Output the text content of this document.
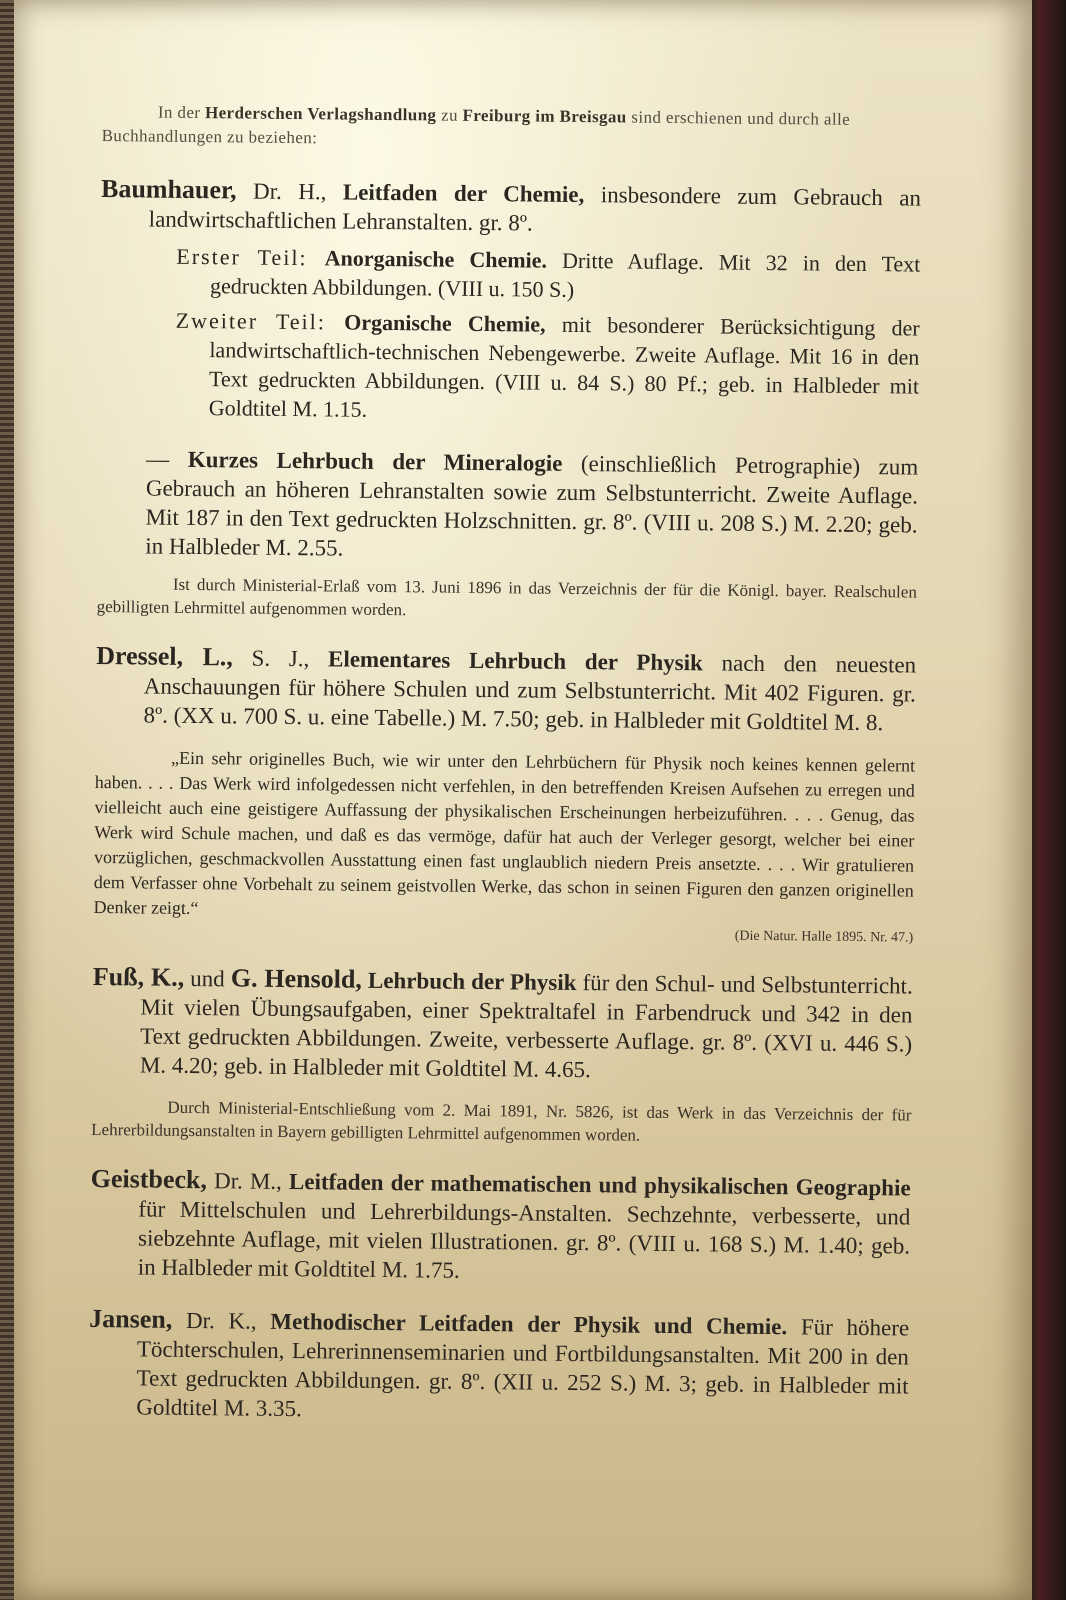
In der Herderschen Verlagshandlung zu Freiburg im Breisgau sind erschienen und durch alle Buchhandlungen zu beziehen:

Baumhauer, Dr. H., Leitfaden der Chemie, insbesondere zum Gebrauch an landwirtschaftlichen Lehranstalten. gr. 8º.

Erster Teil: Anorganische Chemie. Dritte Auflage. Mit 32 in den Text gedruckten Abbildungen. (VIII u. 150 S.)

Zweiter Teil: Organische Chemie, mit besonderer Berücksichtigung der landwirtschaftlich-technischen Nebengewerbe. Zweite Auflage. Mit 16 in den Text gedruckten Abbildungen. (VIII u. 84 S.) 80 Pf.; geb. in Halbleder mit Goldtitel M. 1.15.

— Kurzes Lehrbuch der Mineralogie (einschließlich Petrographie) zum Gebrauch an höheren Lehranstalten sowie zum Selbstunterricht. Zweite Auflage. Mit 187 in den Text gedruckten Holzschnitten. gr. 8º. (VIII u. 208 S.) M. 2.20; geb. in Halbleder M. 2.55.

Ist durch Ministerial-Erlaß vom 13. Juni 1896 in das Verzeichnis der für die Königl. bayer. Realschulen gebilligten Lehrmittel aufgenommen worden.

Dressel, L., S. J., Elementares Lehrbuch der Physik nach den neuesten Anschauungen für höhere Schulen und zum Selbstunterricht. Mit 402 Figuren. gr. 8º. (XX u. 700 S. u. eine Tabelle.) M. 7.50; geb. in Halbleder mit Goldtitel M. 8.

„Ein sehr originelles Buch, wie wir unter den Lehrbüchern für Physik noch keines kennen gelernt haben. . . . Das Werk wird infolgedessen nicht verfehlen, in den betreffenden Kreisen Aufsehen zu erregen und vielleicht auch eine geistigere Auffassung der physikalischen Erscheinungen herbeizuführen. . . . Genug, das Werk wird Schule machen, und daß es das vermöge, dafür hat auch der Verleger gesorgt, welcher bei einer vorzüglichen, geschmackvollen Ausstattung einen fast unglaublich niedern Preis ansetzte. . . . Wir gratulieren dem Verfasser ohne Vorbehalt zu seinem geistvollen Werke, das schon in seinen Figuren den ganzen originellen Denker zeigt.“

(Die Natur. Halle 1895. Nr. 47.)

Fuß, K., und G. Hensold, Lehrbuch der Physik für den Schul- und Selbstunterricht. Mit vielen Übungsaufgaben, einer Spektraltafel in Farbendruck und 342 in den Text gedruckten Abbildungen. Zweite, verbesserte Auflage. gr. 8º. (XVI u. 446 S.) M. 4.20; geb. in Halbleder mit Goldtitel M. 4.65.

Durch Ministerial-Entschließung vom 2. Mai 1891, Nr. 5826, ist das Werk in das Verzeichnis der für Lehrerbildungsanstalten in Bayern gebilligten Lehrmittel aufgenommen worden.

Geistbeck, Dr. M., Leitfaden der mathematischen und physikalischen Geographie für Mittelschulen und Lehrerbildungs-Anstalten. Sechzehnte, verbesserte, und siebzehnte Auflage, mit vielen Illustrationen. gr. 8º. (VIII u. 168 S.) M. 1.40; geb. in Halbleder mit Goldtitel M. 1.75.

Jansen, Dr. K., Methodischer Leitfaden der Physik und Chemie. Für höhere Töchterschulen, Lehrerinnenseminarien und Fortbildungsanstalten. Mit 200 in den Text gedruckten Abbildungen. gr. 8º. (XII u. 252 S.) M. 3; geb. in Halbleder mit Goldtitel M. 3.35.
